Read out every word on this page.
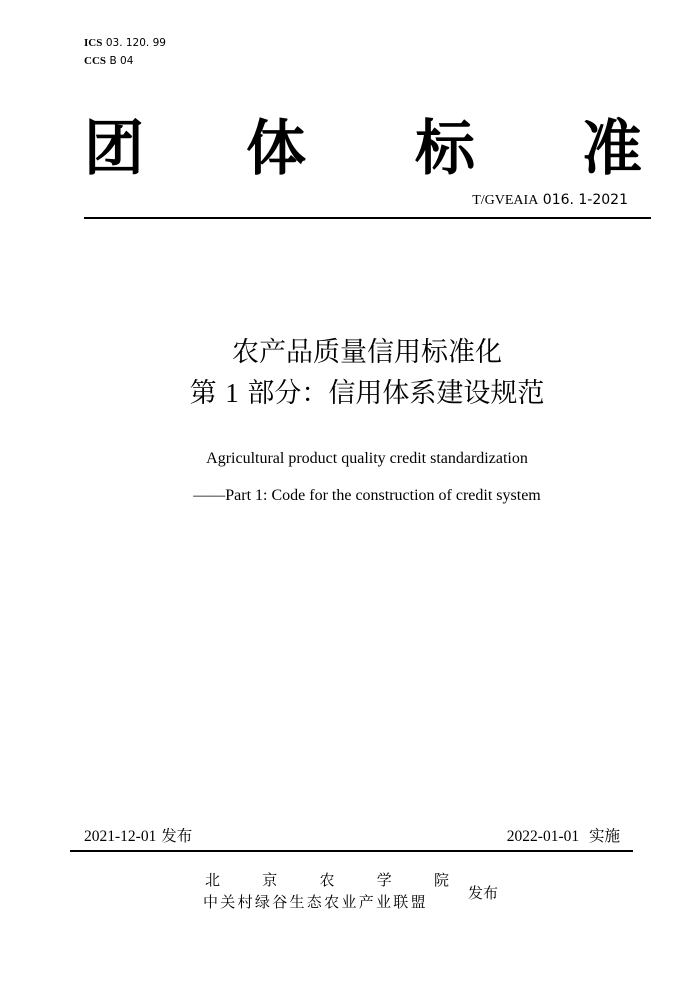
ICS 03. 120. 99
CCS B 04
团 体 标 准
T/GVEAIA 016. 1-2021
农产品质量信用标准化
第 1 部分：信用体系建设规范
Agricultural product quality credit standardization
——Part 1: Code for the construction of credit system
2021-12-01 发布	2022-01-01 实施
北 京 农 学 院
中关村绿谷生态农业产业联盟	发布
